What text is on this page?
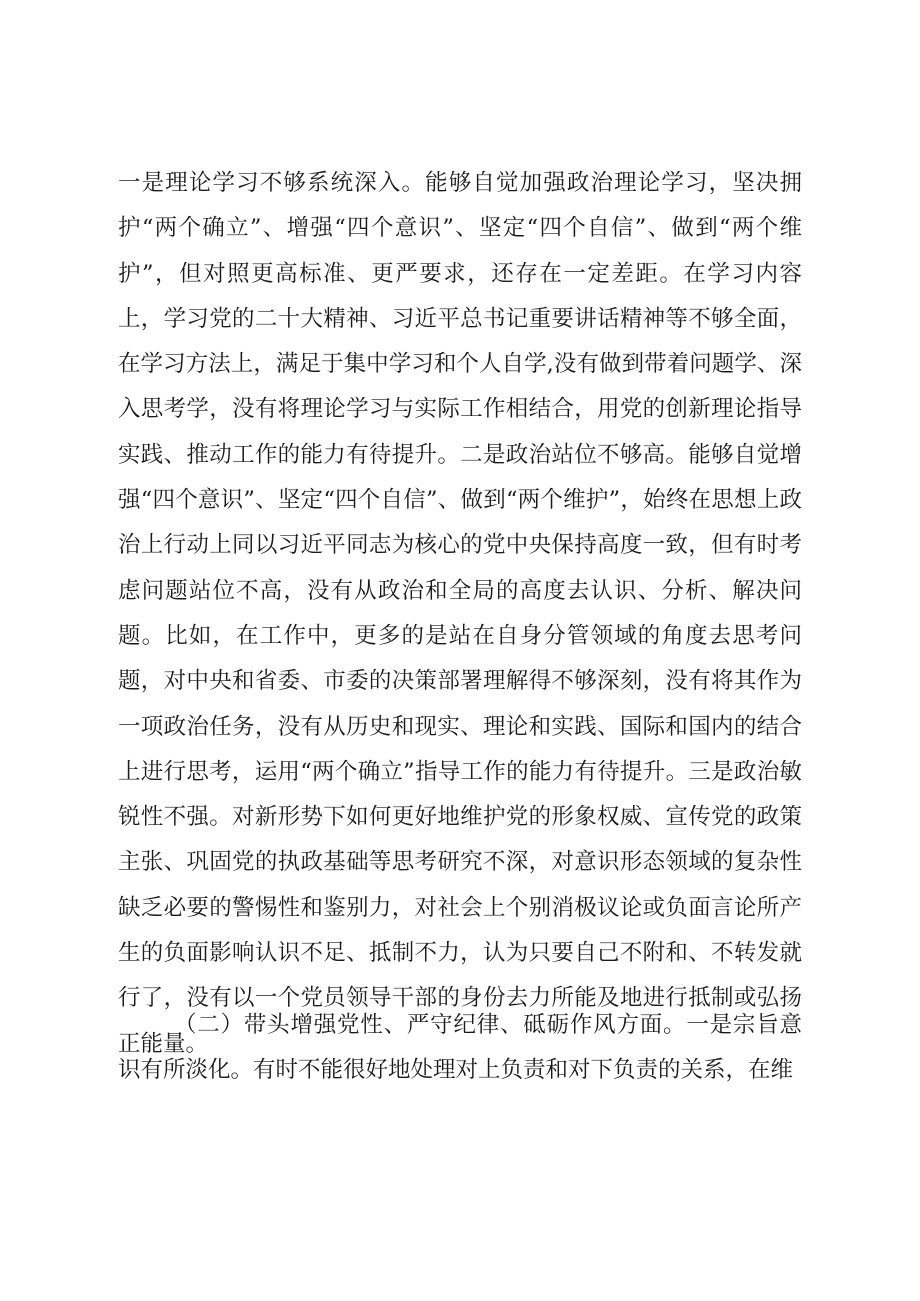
一是理论学习不够系统深入。能够自觉加强政治理论学习，坚决拥护“两个确立”、增强“四个意识”、坚定“四个自信”、做到“两个维护”，但对照更高标准、更严要求，还存在一定差距。在学习内容上，学习党的二十大精神、习近平总书记重要讲话精神等不够全面，在学习方法上，满足于集中学习和个人自学,没有做到带着问题学、深入思考学，没有将理论学习与实际工作相结合，用党的创新理论指导实践、推动工作的能力有待提升。二是政治站位不够高。能够自觉增强“四个意识”、坚定“四个自信”、做到“两个维护”，始终在思想上政治上行动上同以习近平同志为核心的党中央保持高度一致，但有时考虑问题站位不高，没有从政治和全局的高度去认识、分析、解决问题。比如，在工作中，更多的是站在自身分管领域的角度去思考问题，对中央和省委、市委的决策部署理解得不够深刻，没有将其作为一项政治任务，没有从历史和现实、理论和实践、国际和国内的结合上进行思考，运用“两个确立”指导工作的能力有待提升。三是政治敏锐性不强。对新形势下如何更好地维护党的形象权威、宣传党的政策主张、巩固党的执政基础等思考研究不深，对意识形态领域的复杂性缺乏必要的警惕性和鉴别力，对社会上个别消极议论或负面言论所产生的负面影响认识不足、抵制不力，认为只要自己不附和、不转发就行了，没有以一个党员领导干部的身份去力所能及地进行抵制或弘扬正能量。

（二）带头增强党性、严守纪律、砥砺作风方面。一是宗旨意识有所淡化。有时不能很好地处理对上负责和对下负责的关系，在维
